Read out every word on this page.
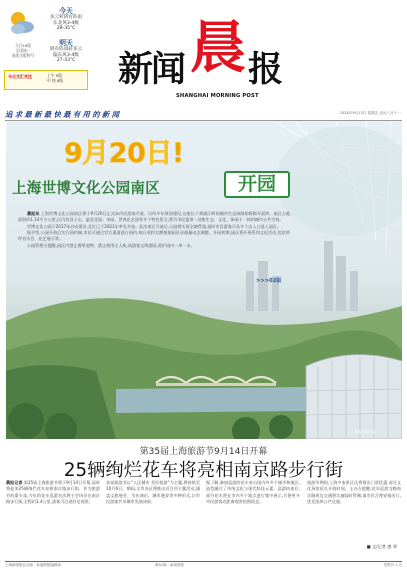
今天
多云转阴有阵雨
东北风3-4级
28-35℃
明天
阴有阵雨转多云
偏东风3-4级
27-33℃
今日16版
全国统一
连续出版物号
今日文汇关注	上午 9版
中 热 8版	新闻 晨 报
SHANGHAI MORNING POST
追求最新最快最有用的新闻	2024年9月13日 星期五 农历八月十一
9月20日!
上海世博文化公园南区	开园

晨报讯 上海世博文化公园南区将于9月20日正式向市民游客开放。历经多年规划建设,这座位于黄浦江畔的城市生态绿肺即将揭开面纱。南区占地面积约1.14平方公里,区内有双子山、温室花园、申园、世界花艺园等多个特色景点,将为市民提供一处集生态、文化、休闲于一体的城市公共空间。

世博文化公园于2017年启动建设,北区已于2021年率先开放。此次南区开放后,公园将实现全域贯通,届时市民游客可从多个出入口进入园区。

据介绍,公园开放后实行预约制,市民可通过官方渠道进行预约,每日预约名额根据园区承载量动态调整。开园初期,园区将开展系列文化活动,包括草坪音乐会、花艺展示等。

公园管理方提醒,园区内禁止携带宠物、禁止使用无人机,请游客文明游园,爱护园内一草一木。

>>>02版
视觉 顾小雨
第35届上海旅游节9月14日开幕
25辆绚烂花车将亮相南京路步行街
晨报记者 第35届上海旅游节将于9月14日开幕,届时将迎来25辆绚烂花车亮相南京路步行街。作为旅游节的重头戏,今年的花车巡游首次将主会场设在南京路步行街,全程约1.4公里,游客可沿途驻足观赏。
本届旅游节以“人民城市 美好旅游”为主题,将持续至10月6日。期间,全市各区将推出近百项主题活动,涵盖文旅展会、节庆演出、城市漫步等多种形式,让市民游客共享城市发展成果。
据了解,参加巡游的花车来自国内外多个城市和地区,造型融合了传统文化与现代科技元素。巡游结束后,部分花车将在市内多个地点进行集中展示,方便更多市民游客近距离观赏拍照留念。
旅游节期间,上海多家景区还将推出门票优惠,部分文化场馆延长开放时间。主办方提醒,花车巡游当晚南京路周边交通将实施临时管制,请市民合理安排出行,优先选择公共交通。
■ 文/记者 唐 琴
上海新闻报业出版 · 新闻晨报编辑部	第A1版 · 新闻晨报	零售价 1 元
